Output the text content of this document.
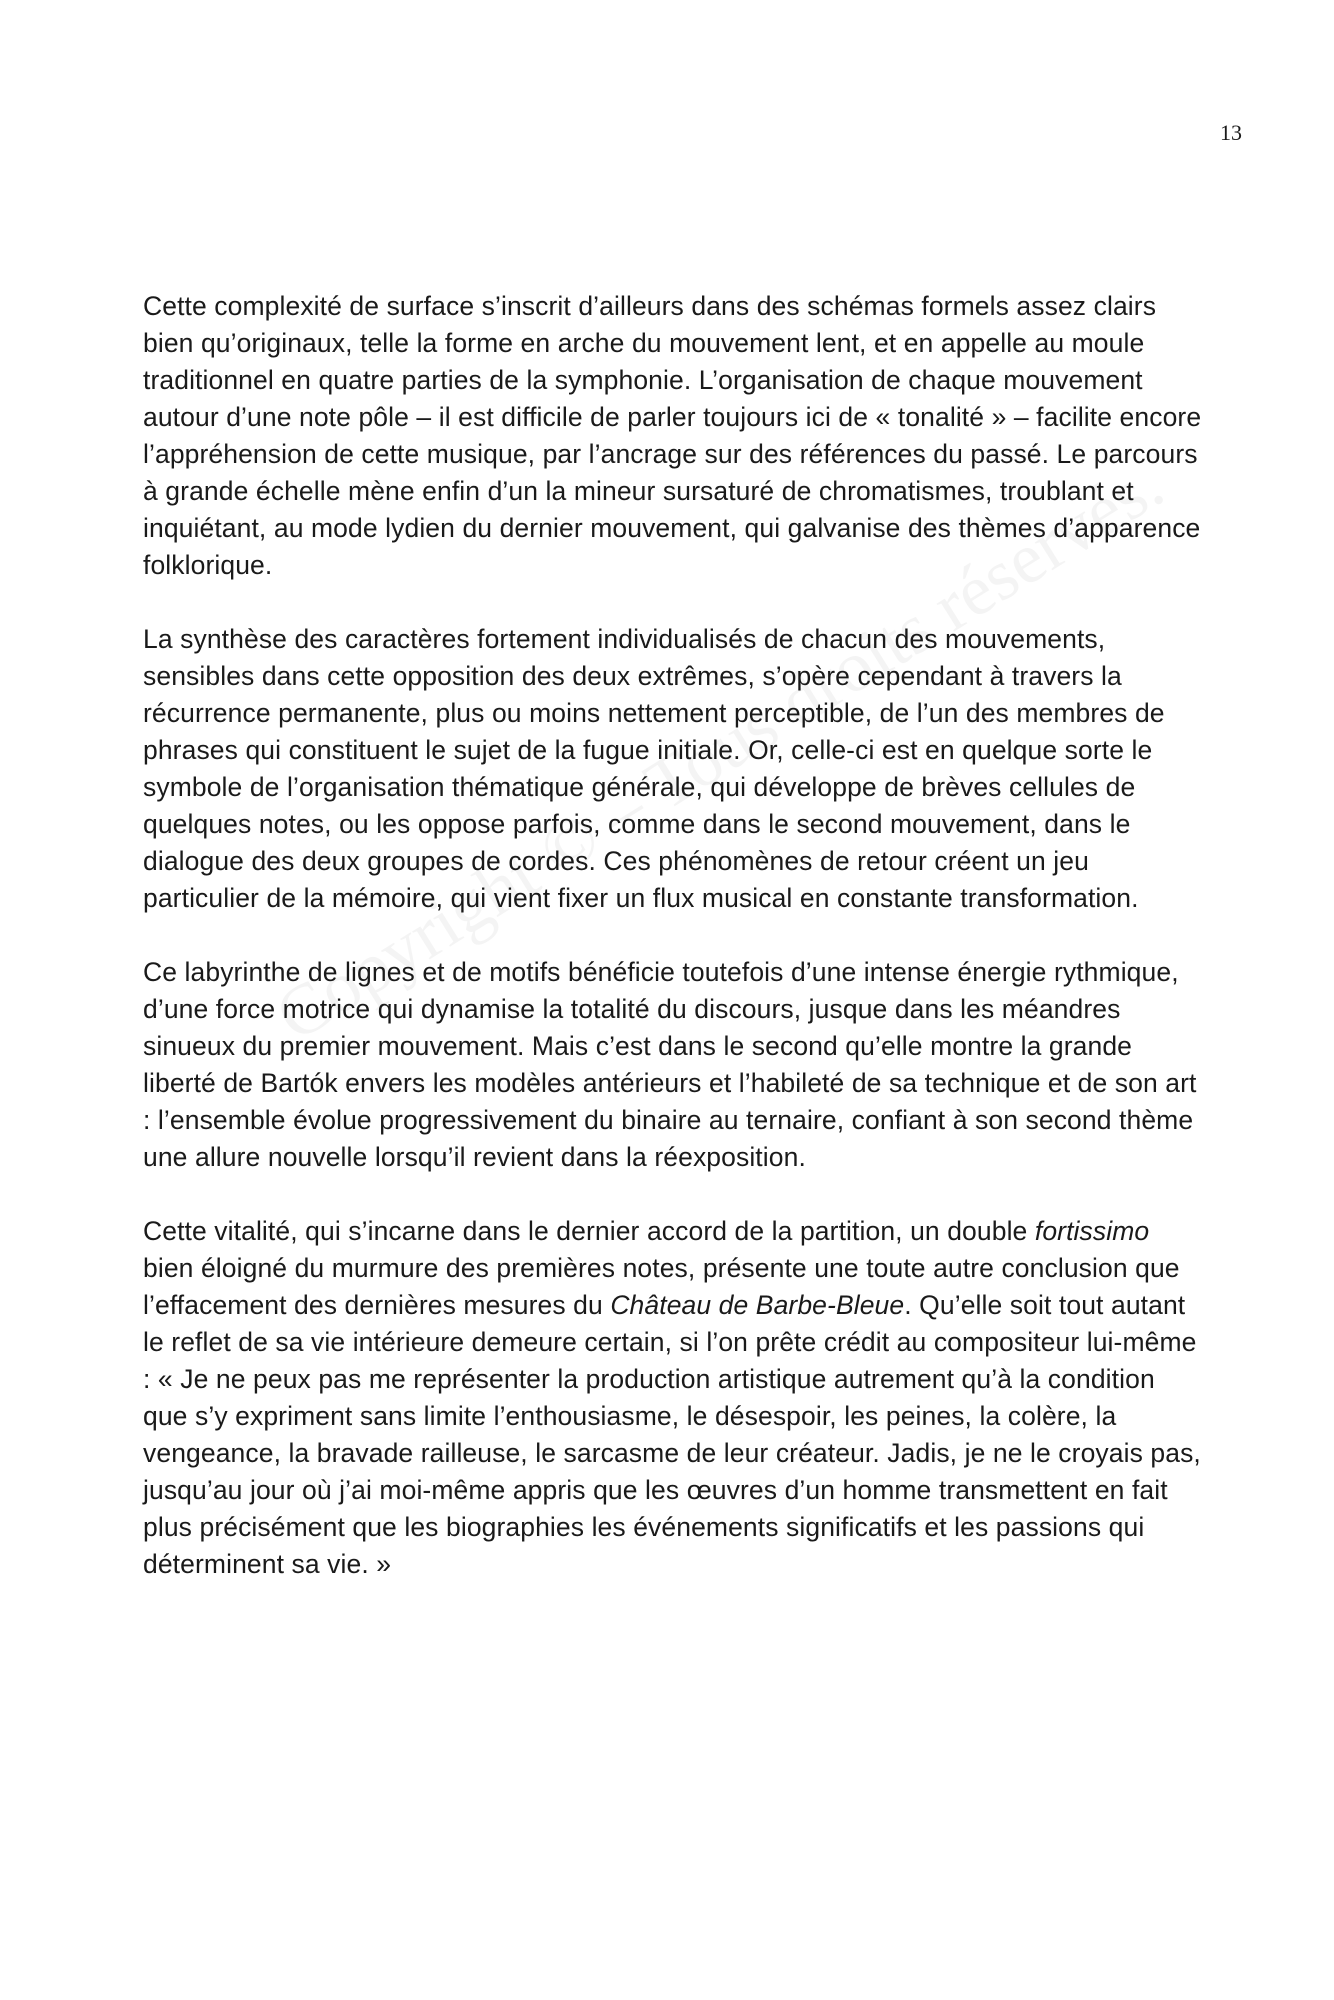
13

Cette complexité de surface s’inscrit d’ailleurs dans des schémas formels assez clairs bien qu’originaux, telle la forme en arche du mouvement lent, et en appelle au moule traditionnel en quatre parties de la symphonie. L’organisation de chaque mouvement autour d’une note pôle – il est difficile de parler toujours ici de « tonalité » – facilite encore l’appréhension de cette musique, par l’ancrage sur des références du passé. Le parcours à grande échelle mène enfin d’un la mineur sursaturé de chromatismes, troublant et inquiétant, au mode lydien du dernier mouvement, qui galvanise des thèmes d’apparence folklorique.

La synthèse des caractères fortement individualisés de chacun des mouvements, sensibles dans cette opposition des deux extrêmes, s’opère cependant à travers la récurrence permanente, plus ou moins nettement perceptible, de l’un des membres de phrases qui constituent le sujet de la fugue initiale. Or, celle-ci est en quelque sorte le symbole de l’organisation thématique générale, qui développe de brèves cellules de quelques notes, ou les oppose parfois, comme dans le second mouvement, dans le dialogue des deux groupes de cordes. Ces phénomènes de retour créent un jeu particulier de la mémoire, qui vient fixer un flux musical en constante transformation.

Ce labyrinthe de lignes et de motifs bénéficie toutefois d’une intense énergie rythmique, d’une force motrice qui dynamise la totalité du discours, jusque dans les méandres sinueux du premier mouvement. Mais c’est dans le second qu’elle montre la grande liberté de Bartók envers les modèles antérieurs et l’habileté de sa technique et de son art : l’ensemble évolue progressivement du binaire au ternaire, confiant à son second thème une allure nouvelle lorsqu’il revient dans la réexposition.

Cette vitalité, qui s’incarne dans le dernier accord de la partition, un double fortissimo bien éloigné du murmure des premières notes, présente une toute autre conclusion que l’effacement des dernières mesures du Château de Barbe-Bleue. Qu’elle soit tout autant le reflet de sa vie intérieure demeure certain, si l’on prête crédit au compositeur lui-même : « Je ne peux pas me représenter la production artistique autrement qu’à la condition que s’y expriment sans limite l’enthousiasme, le désespoir, les peines, la colère, la vengeance, la bravade railleuse, le sarcasme de leur créateur. Jadis, je ne le croyais pas, jusqu’au jour où j’ai moi-même appris que les œuvres d’un homme transmettent en fait plus précisément que les biographies les événements significatifs et les passions qui déterminent sa vie. »
